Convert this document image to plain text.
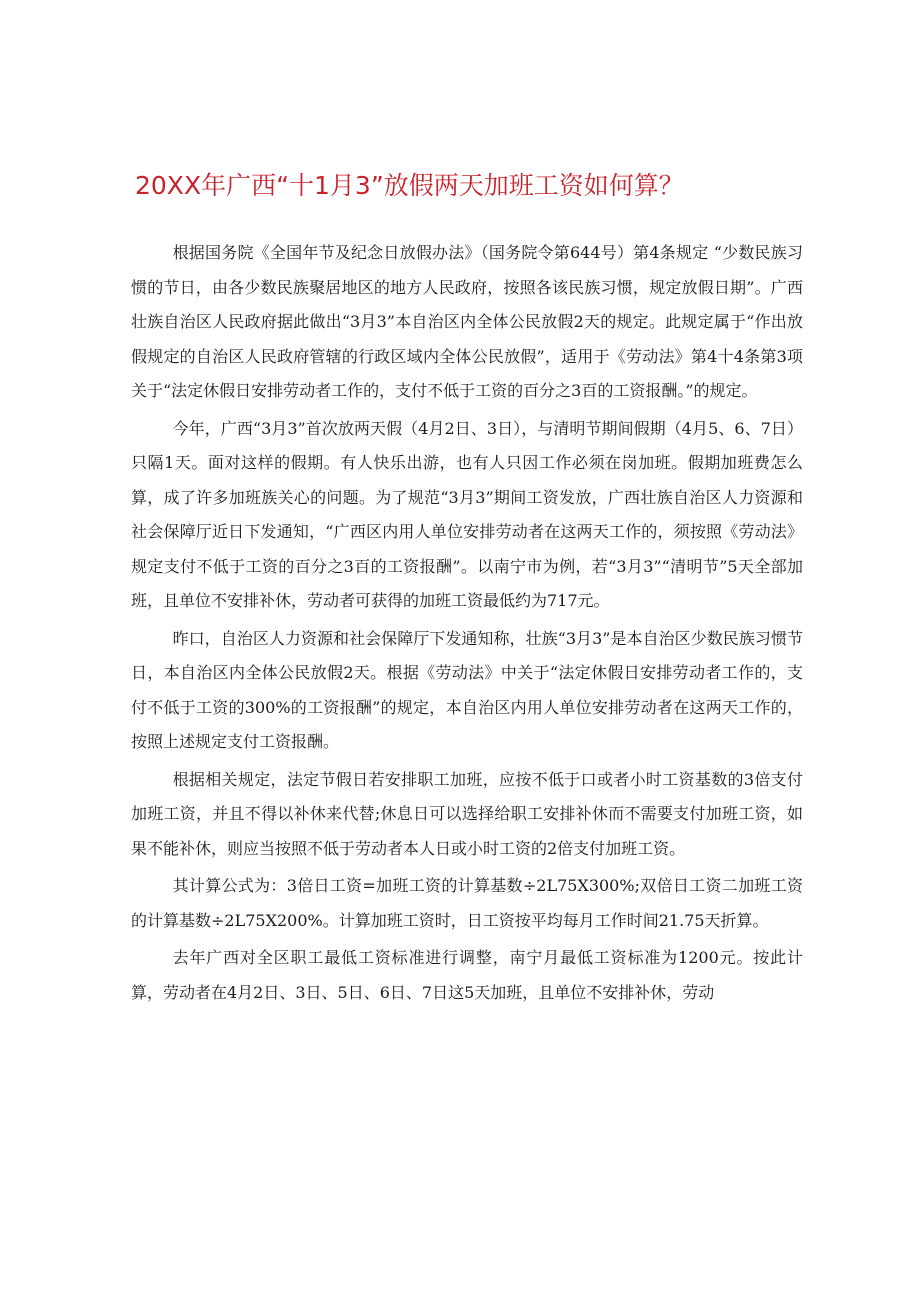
20XX年广西“十1月3”放假两天加班工资如何算？

根据国务院《全国年节及纪念日放假办法》（国务院令第644号）第4条规定 “少数民族习惯的节日，由各少数民族聚居地区的地方人民政府，按照各该民族习惯，规定放假日期”。广西壮族自治区人民政府据此做出“3月3”本自治区内全体公民放假2天的规定。此规定属于“作出放假规定的自治区人民政府管辖的行政区域内全体公民放假”，适用于《劳动法》第4十4条第3项关于“法定休假日安排劳动者工作的，支付不低于工资的百分之3百的工资报酬。”的规定。

今年，广西“3月3”首次放两天假（4月2日、3日），与清明节期间假期（4月5、6、7日）只隔1天。面对这样的假期。有人快乐出游，也有人只因工作必须在岗加班。假期加班费怎么算，成了许多加班族关心的问题。为了规范“3月3”期间工资发放，广西壮族自治区人力资源和社会保障厅近日下发通知，“广西区内用人单位安排劳动者在这两天工作的，须按照《劳动法》规定支付不低于工资的百分之3百的工资报酬”。以南宁市为例，若“3月3”“清明节”5天全部加班，且单位不安排补休，劳动者可获得的加班工资最低约为717元。

昨口，自治区人力资源和社会保障厅下发通知称，壮族“3月3”是本自治区少数民族习惯节日，本自治区内全体公民放假2天。根据《劳动法》中关于“法定休假日安排劳动者工作的，支付不低于工资的300%的工资报酬”的规定，本自治区内用人单位安排劳动者在这两天工作的，按照上述规定支付工资报酬。

根据相关规定，法定节假日若安排职工加班，应按不低于口或者小时工资基数的3倍支付加班工资，并且不得以补休来代替;休息日可以选择给职工安排补休而不需要支付加班工资，如果不能补休，则应当按照不低于劳动者本人日或小时工资的2倍支付加班工资。

其计算公式为：3倍日工资=加班工资的计算基数÷2L75X300%;双倍日工资二加班工资的计算基数÷2L75X200%。计算加班工资时，日工资按平均每月工作时间21.75天折算。

去年广西对全区职工最低工资标准进行调整，南宁月最低工资标准为1200元。按此计算，劳动者在4月2日、3日、5日、6日、7日这5天加班，且单位不安排补休，劳动
